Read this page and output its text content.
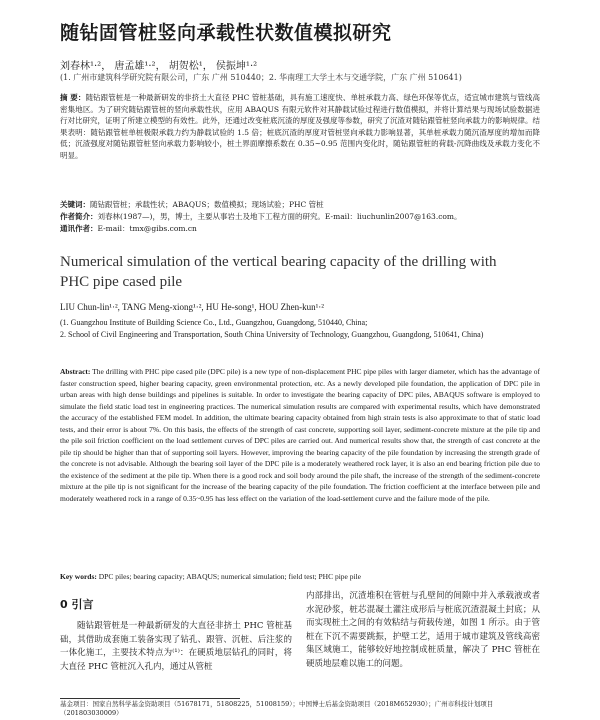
随钻固管桩竖向承载性状数值模拟研究
刘春林¹·²， 唐孟雄¹·²， 胡贺松¹， 侯振坤¹·²
(1. 广州市建筑科学研究院有限公司，广东 广州 510440；2. 华南理工大学土木与交通学院，广东 广州 510641)
摘 要：随钻跟管桩是一种最新研发的非挤土大直径 PHC 管桩基础，具有施工速度快、单桩承载力高、绿色环保等优点，适宜城市建筑与管线高密集地区。为了研究随钻跟管桩的竖向承载性状，应用 ABAQUS 有限元软件对其静载试验过程进行数值模拟，并将计算结果与现场试验数据进行对比研究，证明了所建立模型的有效性。此外，还通过改变桩底沉渣的厚度及强度等参数，研究了沉渣对随钻跟管桩竖向承载力的影响规律。结果表明：随钻跟管桩单桩极限承载力约为静载试验的 1.5 倍；桩底沉渣的厚度对管桩竖向承载力影响显著，其单桩承载力随沉渣厚度的增加而降低；沉渣强度对随钻跟管桩竖向承载力影响较小，桩土界面摩擦系数在 0.35~0.95 范围内变化时，随钻跟管桩的荷载-沉降曲线及承载力变化不明显。
关键词：随钻跟管桩；承载性状；ABAQUS；数值模拟；现场试验；PHC 管桩
作者简介：刘春林(1987—)，男，博士，主要从事岩土及地下工程方面的研究。E-mail：liuchunlin2007@163.com。
通讯作者：E-mail：tmx@gibs.com.cn
Numerical simulation of the vertical bearing capacity of the drilling with PHC pipe cased pile
LIU Chun-lin¹·², TANG Meng-xiong¹·², HU He-song¹, HOU Zhen-kun¹·²
(1. Guangzhou Institute of Building Science Co., Ltd., Guangzhou, Guangdong, 510440, China;
2. School of Civil Engineering and Transportation, South China University of Technology, Guangzhou, Guangdong, 510641, China)
Abstract: The drilling with PHC pipe cased pile (DPC pile) is a new type of non-displacement PHC pipe piles with larger diameter, which has the advantage of faster construction speed, higher bearing capacity, green environmental protection, etc. As a newly developed pile foundation, the application of DPC pile in urban areas with high dense buildings and pipelines is suitable. In order to investigate the bearing capacity of DPC piles, ABAQUS software is employed to simulate the field static load test in engineering practices. The numerical simulation results are compared with experimental results, which have demonstrated the accuracy of the established FEM model. In addition, the ultimate bearing capacity obtained from high strain tests is also approximate to that of static load tests, and their error is about 7%. On this basis, the effects of the strength of cast concrete, supporting soil layer, sediment-concrete mixture at the pile tip and the pile soil friction coefficient on the load settlement curves of DPC piles are carried out. And numerical results show that, the strength of cast concrete at the pile tip should be higher than that of supporting soil layers. However, improving the bearing capacity of the pile foundation by increasing the strength grade of the concrete is not advisable. Although the bearing soil layer of the DPC pile is a moderately weathered rock layer, it is also an end bearing friction pile due to the existence of the sediment at the pile tip. When there is a good rock and soil body around the pile shaft, the increase of the strength of the sediment-concrete mixture at the pile tip is not significant for the increase of the bearing capacity of the pile foundation. The friction coefficient at the interface between pile and moderately weathered rock in a range of 0.35~0.95 has less effect on the variation of the load-settlement curve and the failure mode of the pile.
Key words: DPC piles; bearing capacity; ABAQUS; numerical simulation; field test; PHC pipe pile
0 引言
随钻跟管桩是一种最新研发的大直径非挤土 PHC 管桩基础，其借助成套施工装备实现了钻孔、跟管、沉桩、后注浆的一体化施工，主要技术特点为⁽¹⁾：在硬质地层钻孔的同时，将大直径 PHC 管桩沉入孔内，通过从管桩
内部排出，沉渣堆积在管桩与孔壁间的间隙中并入承载液或者水泥砂浆，桩芯混凝土灌注成形后与桩底沉渣混凝土封底；从而实现桩土之间的有效粘结与荷载传递，如图 1 所示。由于管桩在下沉不需要跳振，护壁工艺，适用于城市建筑及管线高密集区域施工，能够较好地控制成桩质量，解决了 PHC 管桩在硬质地层难以施工的问题。
基金项目：国家自然科学基金资助项目（51678171，51808225，51008159）；中国博士后基金资助项目（2018M652930）；广州市科技计划项目（201803030009）
